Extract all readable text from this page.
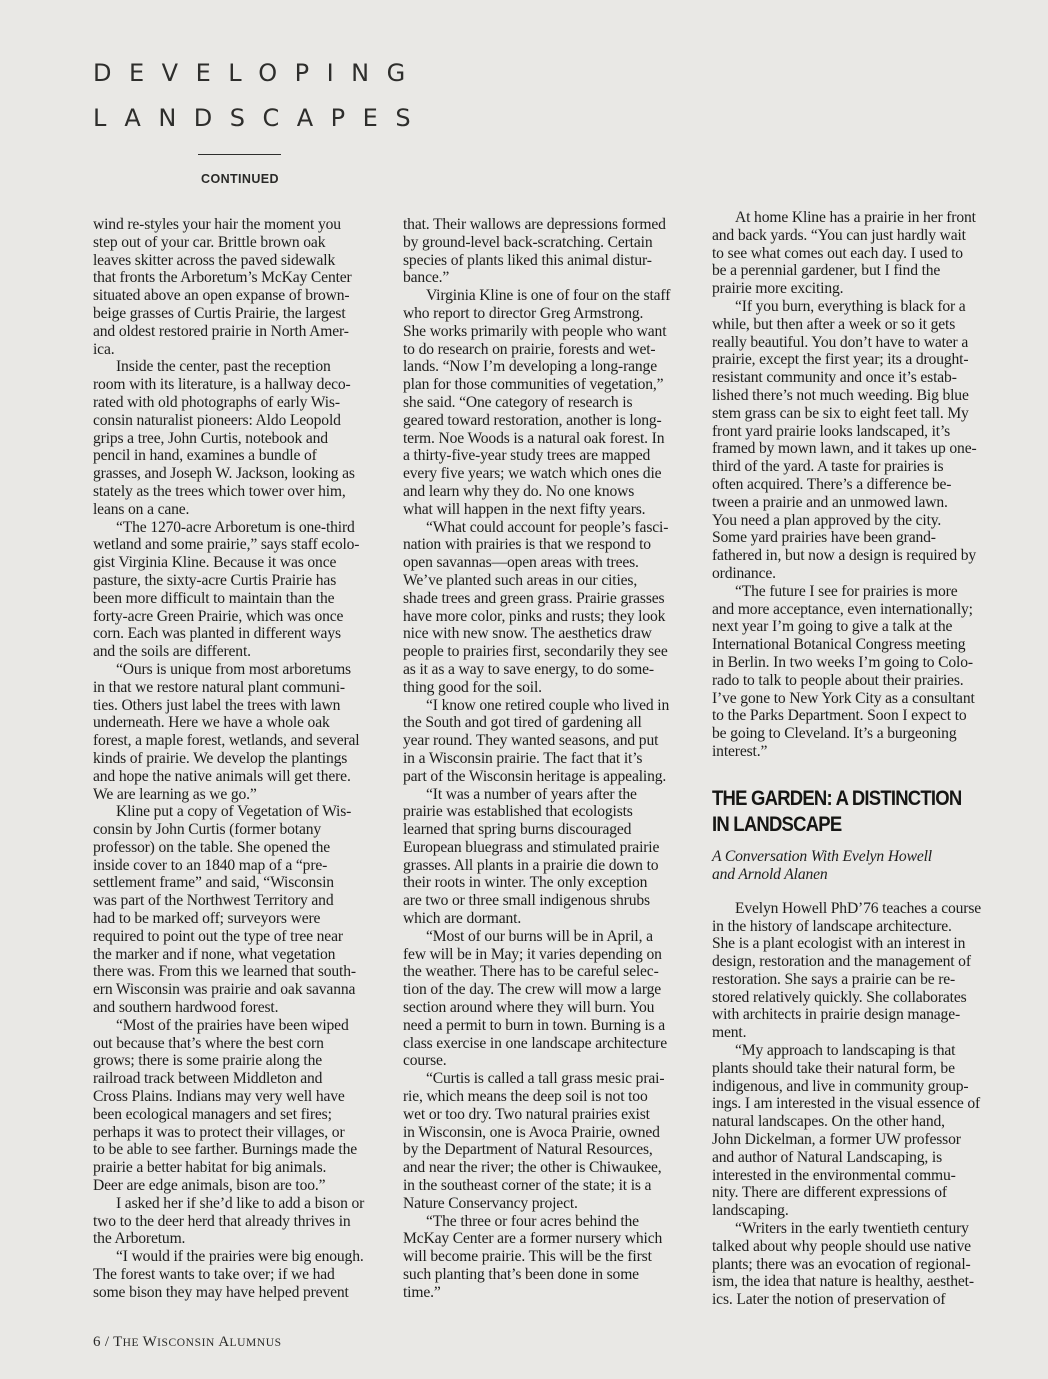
DEVELOPING
LANDSCAPES
CONTINUED

wind re-styles your hair the moment you
step out of your car. Brittle brown oak
leaves skitter across the paved sidewalk
that fronts the Arboretum’s McKay Center
situated above an open expanse of brown-
beige grasses of Curtis Prairie, the largest
and oldest restored prairie in North Amer-
ica.

Inside the center, past the reception
room with its literature, is a hallway deco-
rated with old photographs of early Wis-
consin naturalist pioneers: Aldo Leopold
grips a tree, John Curtis, notebook and
pencil in hand, examines a bundle of
grasses, and Joseph W. Jackson, looking as
stately as the trees which tower over him,
leans on a cane.

“The 1270-acre Arboretum is one-third
wetland and some prairie,” says staff ecolo-
gist Virginia Kline. Because it was once
pasture, the sixty-acre Curtis Prairie has
been more difficult to maintain than the
forty-acre Green Prairie, which was once
corn. Each was planted in different ways
and the soils are different.

“Ours is unique from most arboretums
in that we restore natural plant communi-
ties. Others just label the trees with lawn
underneath. Here we have a whole oak
forest, a maple forest, wetlands, and several
kinds of prairie. We develop the plantings
and hope the native animals will get there.
We are learning as we go.”

Kline put a copy of Vegetation of Wis-
consin by John Curtis (former botany
professor) on the table. She opened the
inside cover to an 1840 map of a “pre-
settlement frame” and said, “Wisconsin
was part of the Northwest Territory and
had to be marked off; surveyors were
required to point out the type of tree near
the marker and if none, what vegetation
there was. From this we learned that south-
ern Wisconsin was prairie and oak savanna
and southern hardwood forest.

“Most of the prairies have been wiped
out because that’s where the best corn
grows; there is some prairie along the
railroad track between Middleton and
Cross Plains. Indians may very well have
been ecological managers and set fires;
perhaps it was to protect their villages, or
to be able to see farther. Burnings made the
prairie a better habitat for big animals.
Deer are edge animals, bison are too.”

I asked her if she’d like to add a bison or
two to the deer herd that already thrives in
the Arboretum.

“I would if the prairies were big enough.
The forest wants to take over; if we had
some bison they may have helped prevent

that. Their wallows are depressions formed
by ground-level back-scratching. Certain
species of plants liked this animal distur-
bance.”

Virginia Kline is one of four on the staff
who report to director Greg Armstrong.
She works primarily with people who want
to do research on prairie, forests and wet-
lands. “Now I’m developing a long-range
plan for those communities of vegetation,”
she said. “One category of research is
geared toward restoration, another is long-
term. Noe Woods is a natural oak forest. In
a thirty-five-year study trees are mapped
every five years; we watch which ones die
and learn why they do. No one knows
what will happen in the next fifty years.

“What could account for people’s fasci-
nation with prairies is that we respond to
open savannas—open areas with trees.
We’ve planted such areas in our cities,
shade trees and green grass. Prairie grasses
have more color, pinks and rusts; they look
nice with new snow. The aesthetics draw
people to prairies first, secondarily they see
as it as a way to save energy, to do some-
thing good for the soil.

“I know one retired couple who lived in
the South and got tired of gardening all
year round. They wanted seasons, and put
in a Wisconsin prairie. The fact that it’s
part of the Wisconsin heritage is appealing.

“It was a number of years after the
prairie was established that ecologists
learned that spring burns discouraged
European bluegrass and stimulated prairie
grasses. All plants in a prairie die down to
their roots in winter. The only exception
are two or three small indigenous shrubs
which are dormant.

“Most of our burns will be in April, a
few will be in May; it varies depending on
the weather. There has to be careful selec-
tion of the day. The crew will mow a large
section around where they will burn. You
need a permit to burn in town. Burning is a
class exercise in one landscape architecture
course.

“Curtis is called a tall grass mesic prai-
rie, which means the deep soil is not too
wet or too dry. Two natural prairies exist
in Wisconsin, one is Avoca Prairie, owned
by the Department of Natural Resources,
and near the river; the other is Chiwaukee,
in the southeast corner of the state; it is a
Nature Conservancy project.

“The three or four acres behind the
McKay Center are a former nursery which
will become prairie. This will be the first
such planting that’s been done in some
time.”

At home Kline has a prairie in her front
and back yards. “You can just hardly wait
to see what comes out each day. I used to
be a perennial gardener, but I find the
prairie more exciting.

“If you burn, everything is black for a
while, but then after a week or so it gets
really beautiful. You don’t have to water a
prairie, except the first year; its a drought-
resistant community and once it’s estab-
lished there’s not much weeding. Big blue
stem grass can be six to eight feet tall. My
front yard prairie looks landscaped, it’s
framed by mown lawn, and it takes up one-
third of the yard. A taste for prairies is
often acquired. There’s a difference be-
tween a prairie and an unmowed lawn.
You need a plan approved by the city.
Some yard prairies have been grand-
fathered in, but now a design is required by
ordinance.

“The future I see for prairies is more
and more acceptance, even internationally;
next year I’m going to give a talk at the
International Botanical Congress meeting
in Berlin. In two weeks I’m going to Colo-
rado to talk to people about their prairies.
I’ve gone to New York City as a consultant
to the Parks Department. Soon I expect to
be going to Cleveland. It’s a burgeoning
interest.”

THE GARDEN: A DISTINCTION
IN LANDSCAPE
A Conversation With Evelyn Howell
and Arnold Alanen

Evelyn Howell PhD’76 teaches a course
in the history of landscape architecture.
She is a plant ecologist with an interest in
design, restoration and the management of
restoration. She says a prairie can be re-
stored relatively quickly. She collaborates
with architects in prairie design manage-
ment.

“My approach to landscaping is that
plants should take their natural form, be
indigenous, and live in community group-
ings. I am interested in the visual essence of
natural landscapes. On the other hand,
John Dickelman, a former UW professor
and author of Natural Landscaping, is
interested in the environmental commu-
nity. There are different expressions of
landscaping.

“Writers in the early twentieth century
talked about why people should use native
plants; there was an evocation of regional-
ism, the idea that nature is healthy, aesthet-
ics. Later the notion of preservation of

6 / THE WISCONSIN ALUMNUS
